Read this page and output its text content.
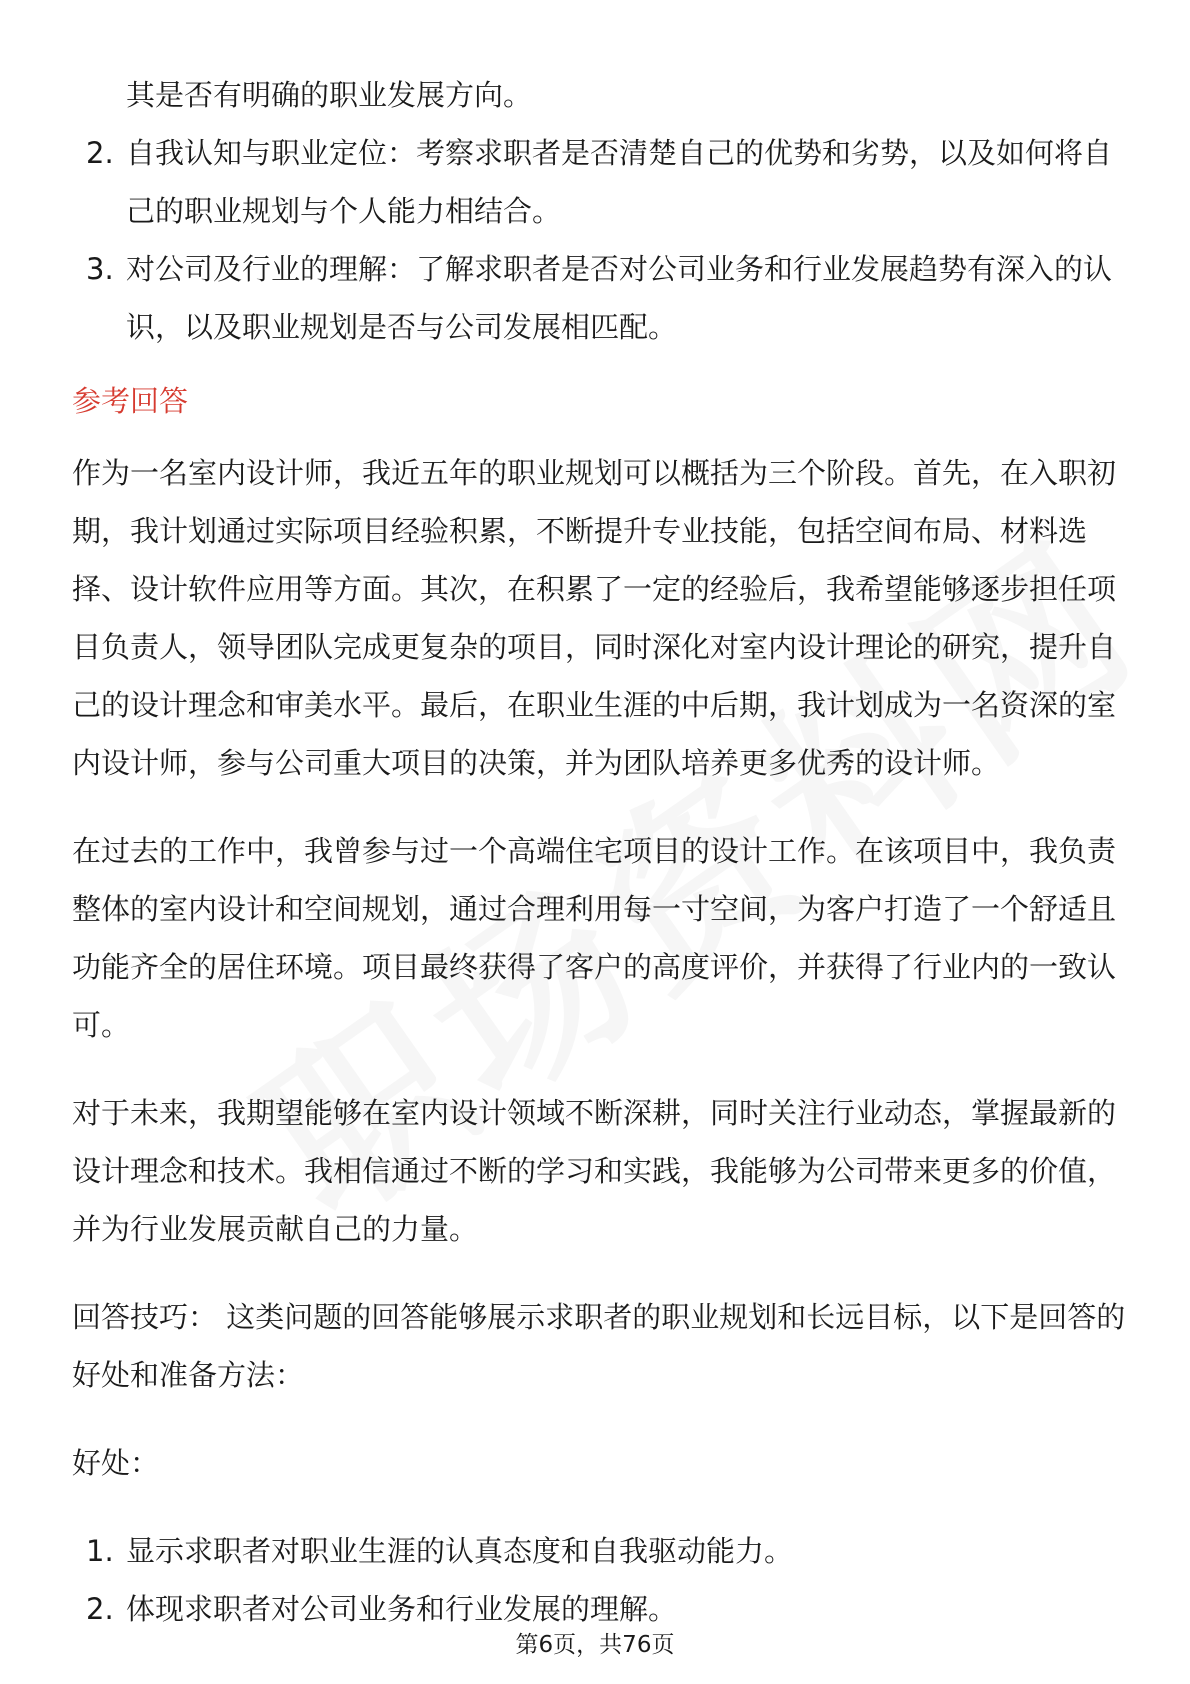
其是否有明确的职业发展方向。
2. 自我认知与职业定位：考察求职者是否清楚自己的优势和劣势，以及如何将自
己的职业规划与个人能力相结合。
3. 对公司及行业的理解：了解求职者是否对公司业务和行业发展趋势有深入的认
识，以及职业规划是否与公司发展相匹配。
参考回答
作为一名室内设计师，我近五年的职业规划可以概括为三个阶段。首先，在入职初
期，我计划通过实际项目经验积累，不断提升专业技能，包括空间布局、材料选
择、设计软件应用等方面。其次，在积累了一定的经验后，我希望能够逐步担任项
目负责人，领导团队完成更复杂的项目，同时深化对室内设计理论的研究，提升自
己的设计理念和审美水平。最后，在职业生涯的中后期，我计划成为一名资深的室
内设计师，参与公司重大项目的决策，并为团队培养更多优秀的设计师。
在过去的工作中，我曾参与过一个高端住宅项目的设计工作。在该项目中，我负责
整体的室内设计和空间规划，通过合理利用每一寸空间，为客户打造了一个舒适且
功能齐全的居住环境。项目最终获得了客户的高度评价，并获得了行业内的一致认
可。
对于未来，我期望能够在室内设计领域不断深耕，同时关注行业动态，掌握最新的
设计理念和技术。我相信通过不断的学习和实践，我能够为公司带来更多的价值，
并为行业发展贡献自己的力量。
回答技巧： 这类问题的回答能够展示求职者的职业规划和长远目标，以下是回答的
好处和准备方法：
好处：
1. 显示求职者对职业生涯的认真态度和自我驱动能力。
2. 体现求职者对公司业务和行业发展的理解。
第6页，共76页
